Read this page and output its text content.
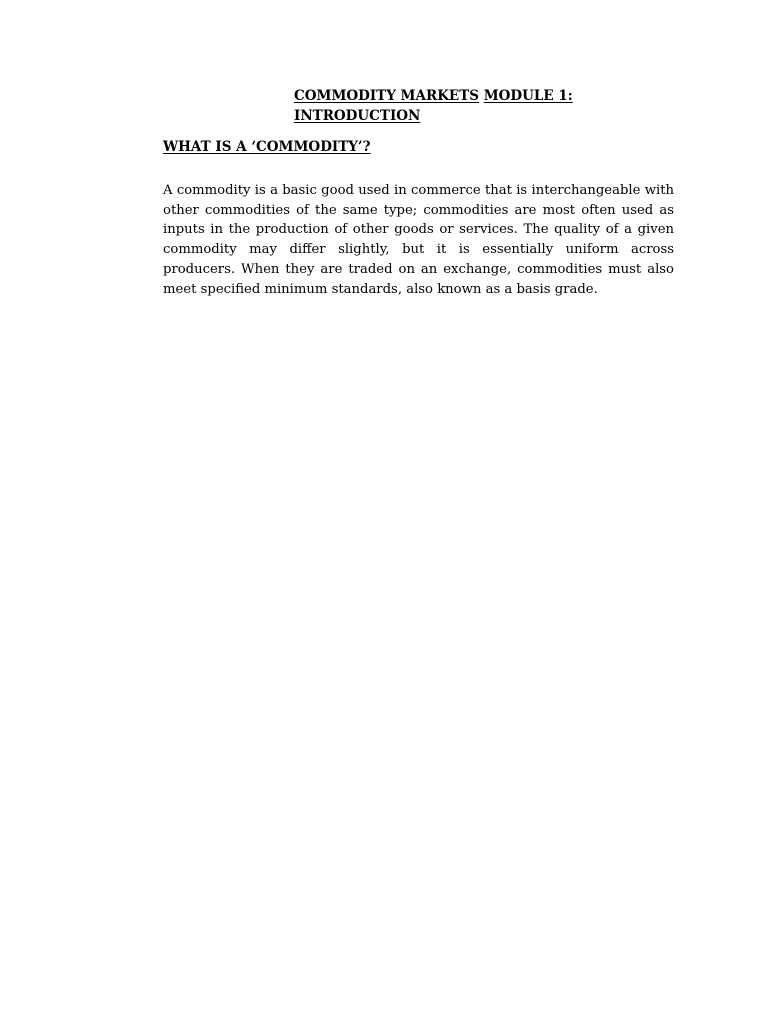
COMMODITY MARKETS MODULE 1:
INTRODUCTION
WHAT IS A ‘COMMODITY’?

A commodity is a basic good used in commerce that is interchangeable with other commodities of the same type; commodities are most often used as inputs in the production of other goods or services. The quality of a given commodity may differ slightly, but it is essentially uniform across producers. When they are traded on an exchange, commodities must also meet specified minimum standards, also known as a basis grade.
